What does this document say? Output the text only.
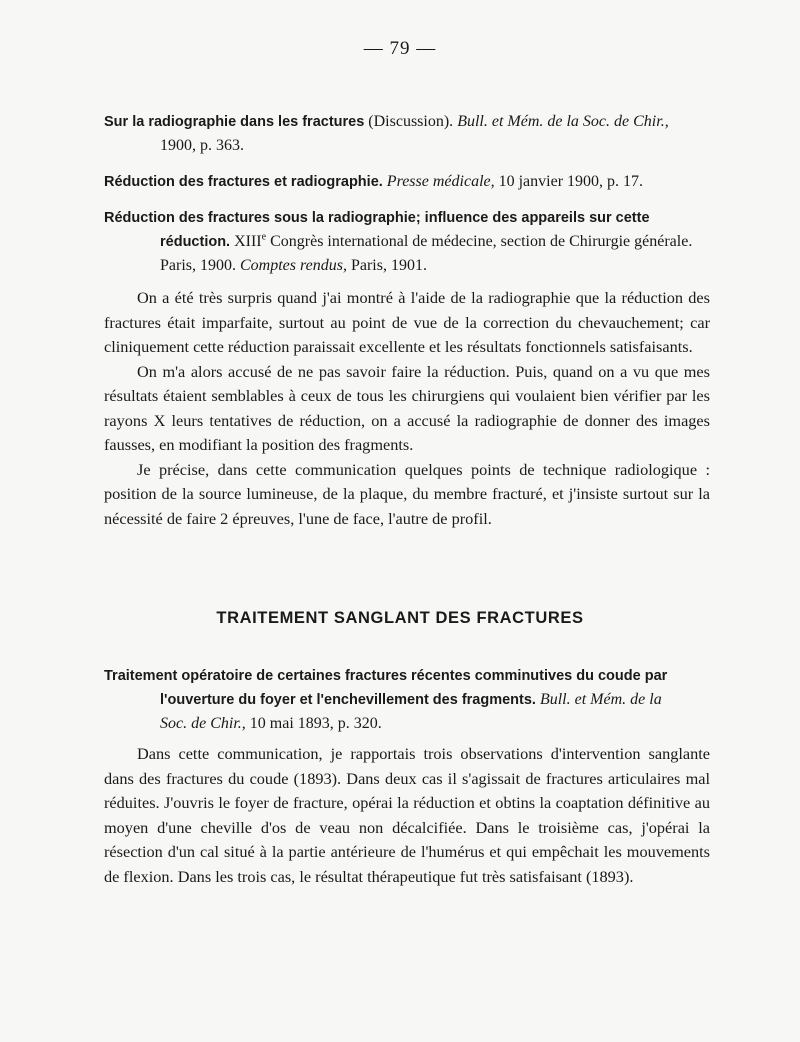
— 79 —
Sur la radiographie dans les fractures (Discussion). Bull. et Mém. de la Soc. de Chir.,
1900, p. 363.
Réduction des fractures et radiographie. Presse médicale, 10 janvier 1900, p. 17.
Réduction des fractures sous la radiographie; influence des appareils sur cette
réduction. XIIIe Congrès international de médecine, section de Chirurgie générale.
Paris, 1900. Comptes rendus, Paris, 1901.

On a été très surpris quand j'ai montré à l'aide de la radiographie que la réduction des fractures était imparfaite, surtout au point de vue de la correction du chevauchement; car cliniquement cette réduction paraissait excellente et les résultats fonctionnels satisfaisants.

On m'a alors accusé de ne pas savoir faire la réduction. Puis, quand on a vu que mes résultats étaient semblables à ceux de tous les chirurgiens qui voulaient bien vérifier par les rayons X leurs tentatives de réduction, on a accusé la radiographie de donner des images fausses, en modifiant la position des fragments.

Je précise, dans cette communication quelques points de technique radiologique : position de la source lumineuse, de la plaque, du membre fracturé, et j'insiste surtout sur la nécessité de faire 2 épreuves, l'une de face, l'autre de profil.

TRAITEMENT SANGLANT DES FRACTURES
Traitement opératoire de certaines fractures récentes comminutives du coude par
l'ouverture du foyer et l'enchevillement des fragments. Bull. et Mém. de la
Soc. de Chir., 10 mai 1893, p. 320.

Dans cette communication, je rapportais trois observations d'intervention sanglante dans des fractures du coude (1893). Dans deux cas il s'agissait de fractures articulaires mal réduites. J'ouvris le foyer de fracture, opérai la réduction et obtins la coaptation définitive au moyen d'une cheville d'os de veau non décalcifiée. Dans le troisième cas, j'opérai la résection d'un cal situé à la partie antérieure de l'humérus et qui empêchait les mouvements de flexion. Dans les trois cas, le résultat thérapeutique fut très satisfaisant (1893).
